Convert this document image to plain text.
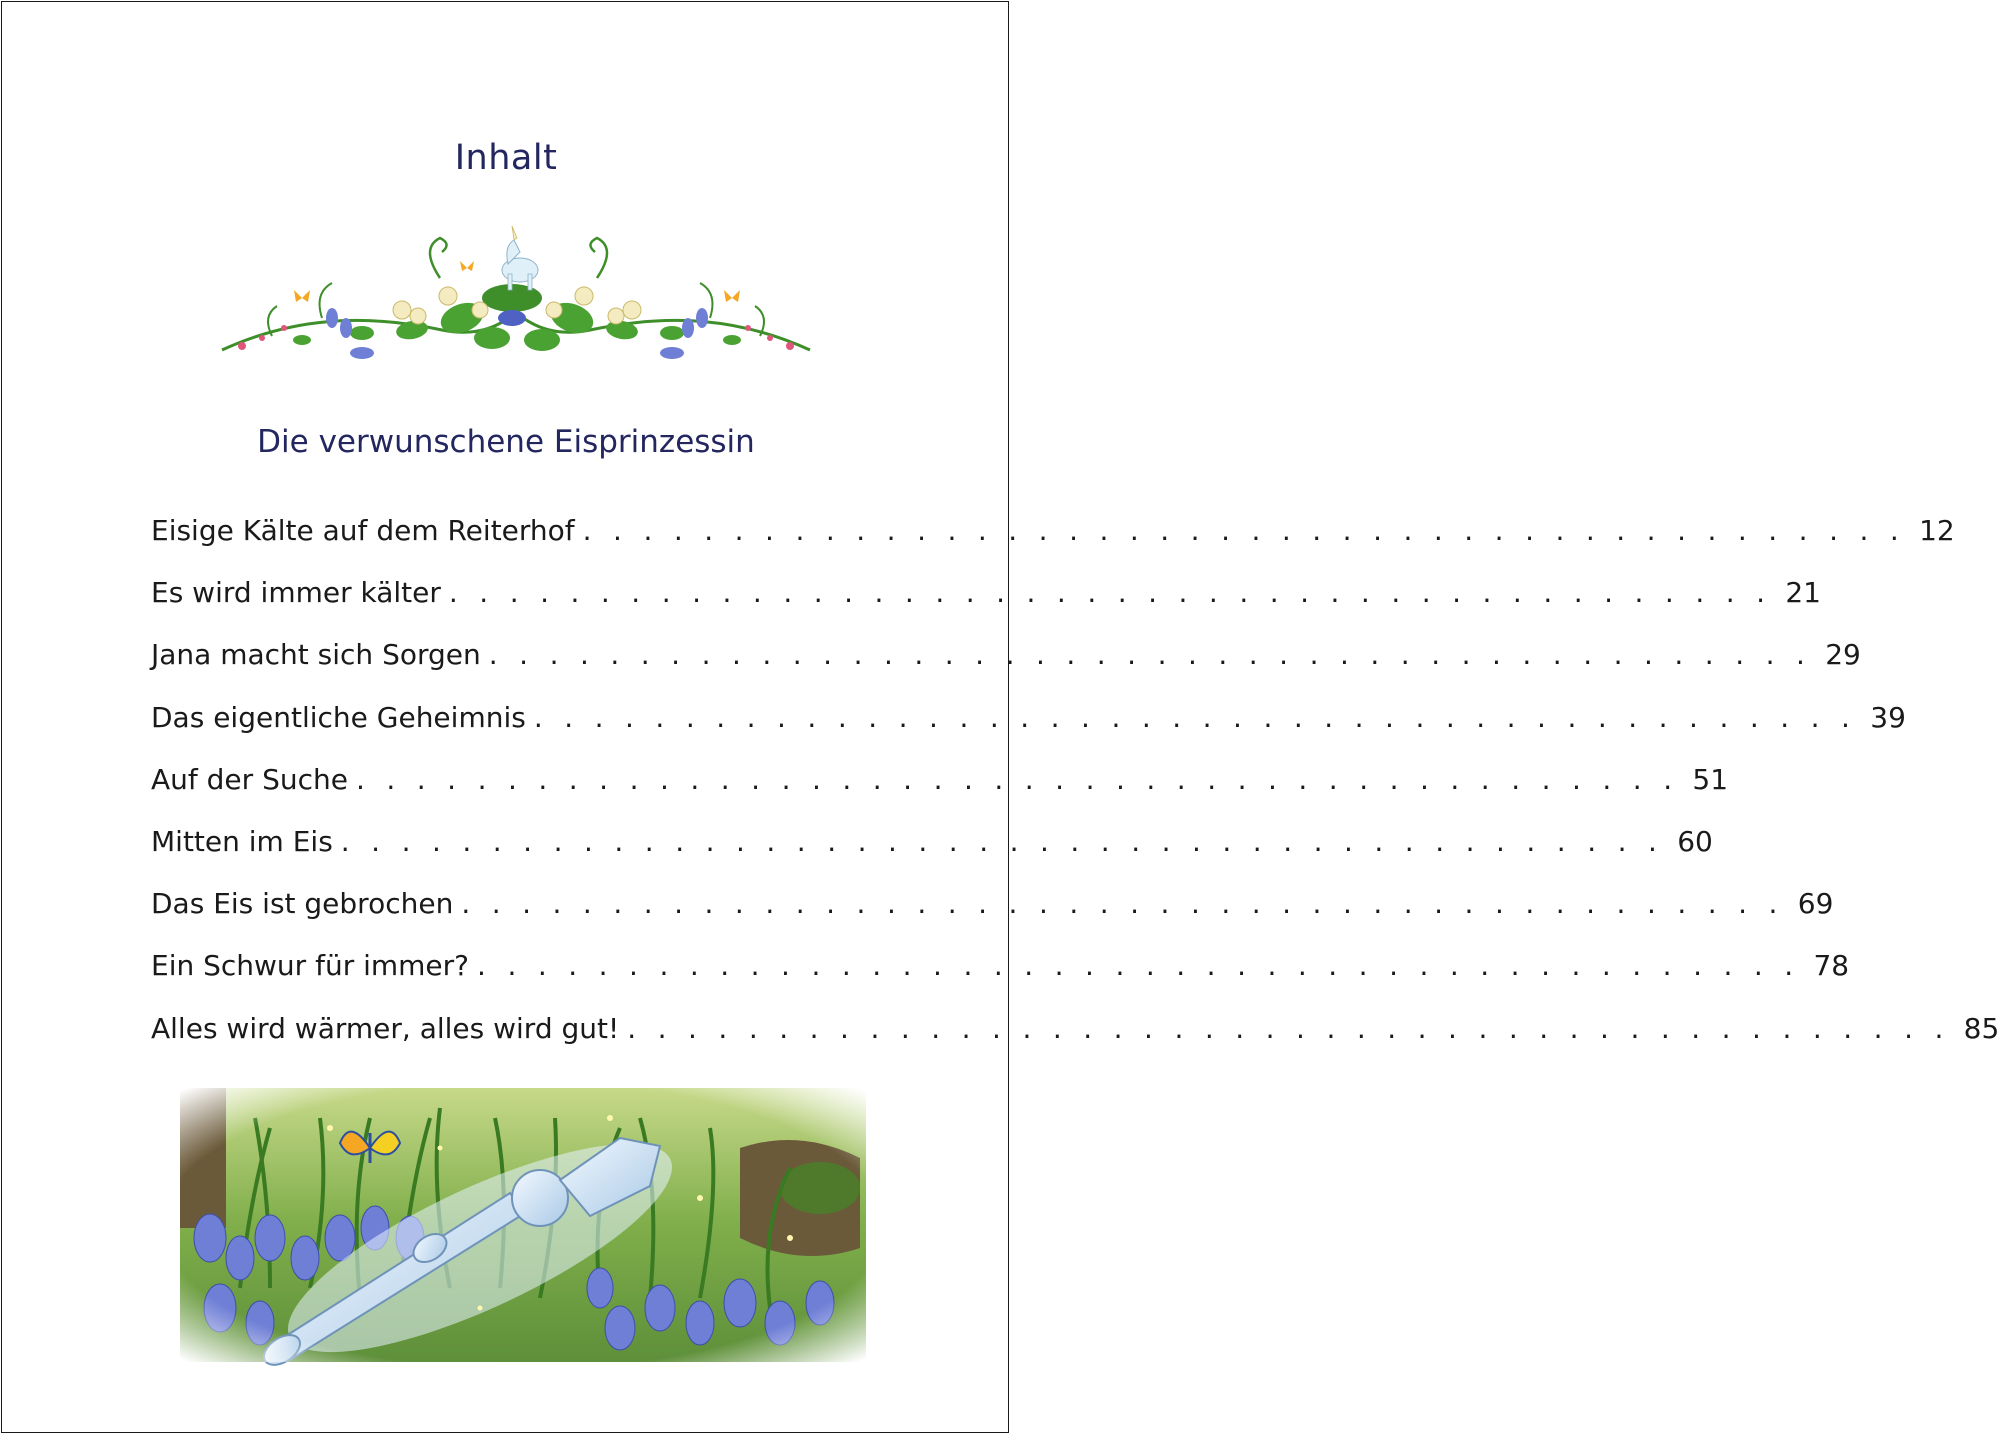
Inhalt
Die verwunschene Eisprinzessin
Eisige Kälte auf dem Reiterhof . . . . . . . . . . . . . . . . . . . . . . . . . . . . . . . . . . . . . . . . . . . . 12
Es wird immer kälter . . . . . . . . . . . . . . . . . . . . . . . . . . . . . . . . . . . . . . . . . . . . 21
Jana macht sich Sorgen . . . . . . . . . . . . . . . . . . . . . . . . . . . . . . . . . . . . . . . . . . . . 29
Das eigentliche Geheimnis . . . . . . . . . . . . . . . . . . . . . . . . . . . . . . . . . . . . . . . . . . . . 39
Auf der Suche . . . . . . . . . . . . . . . . . . . . . . . . . . . . . . . . . . . . . . . . . . . . 51
Mitten im Eis . . . . . . . . . . . . . . . . . . . . . . . . . . . . . . . . . . . . . . . . . . . . 60
Das Eis ist gebrochen . . . . . . . . . . . . . . . . . . . . . . . . . . . . . . . . . . . . . . . . . . . . 69
Ein Schwur für immer? . . . . . . . . . . . . . . . . . . . . . . . . . . . . . . . . . . . . . . . . . . . . 78
Alles wird wärmer, alles wird gut! . . . . . . . . . . . . . . . . . . . . . . . . . . . . . . . . . . . . . . . . . . . . 85
